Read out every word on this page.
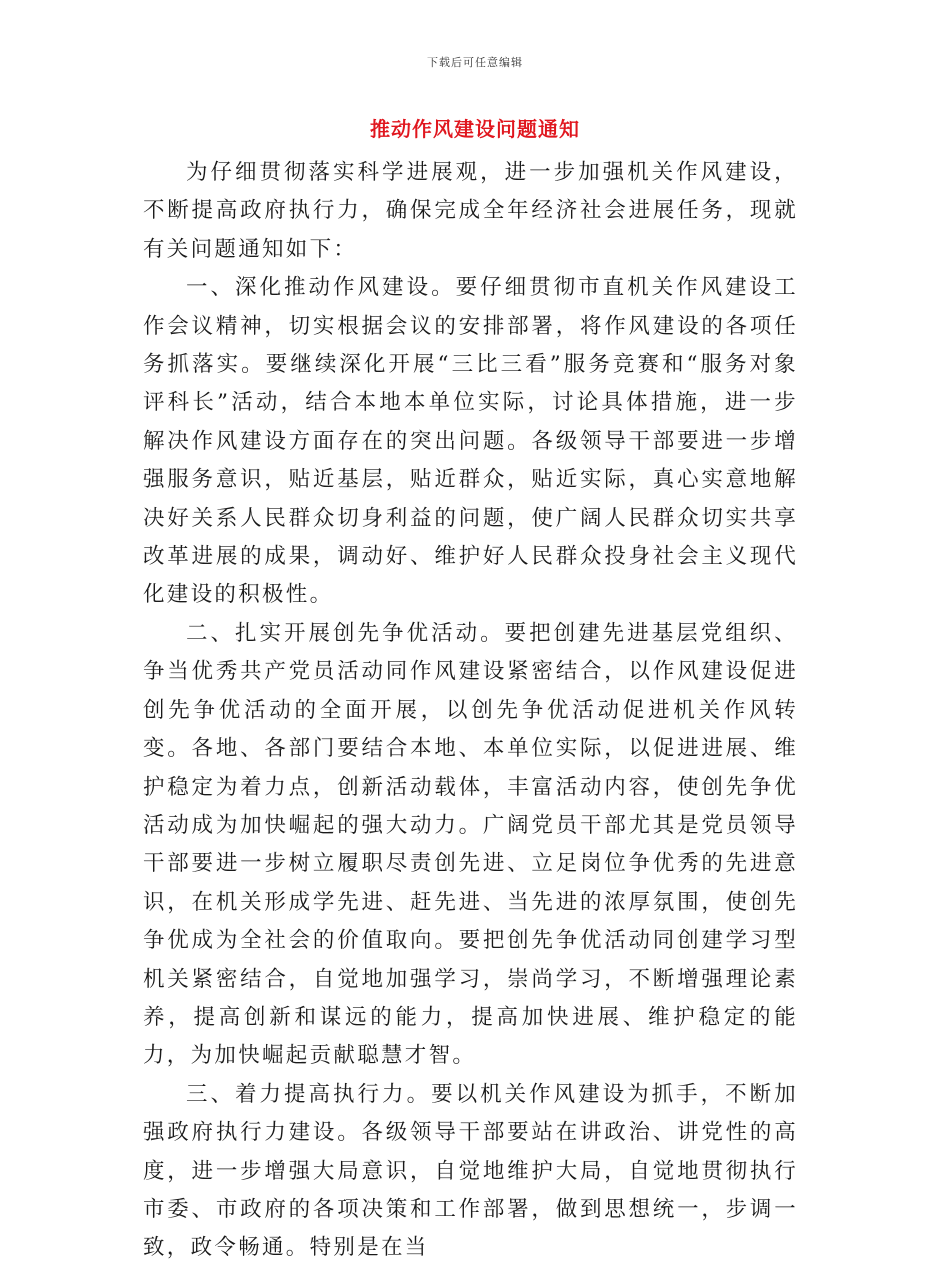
下载后可任意编辑
推动作风建设问题通知

为仔细贯彻落实科学进展观，进一步加强机关作风建设，不断提高政府执行力，确保完成全年经济社会进展任务，现就有关问题通知如下：

一、深化推动作风建设。要仔细贯彻市直机关作风建设工作会议精神，切实根据会议的安排部署，将作风建设的各项任务抓落实。要继续深化开展“三比三看”服务竞赛和“服务对象评科长”活动，结合本地本单位实际，讨论具体措施，进一步解决作风建设方面存在的突出问题。各级领导干部要进一步增强服务意识，贴近基层，贴近群众，贴近实际，真心实意地解决好关系人民群众切身利益的问题，使广阔人民群众切实共享改革进展的成果，调动好、维护好人民群众投身社会主义现代化建设的积极性。

二、扎实开展创先争优活动。要把创建先进基层党组织、争当优秀共产党员活动同作风建设紧密结合，以作风建设促进创先争优活动的全面开展，以创先争优活动促进机关作风转变。各地、各部门要结合本地、本单位实际，以促进进展、维护稳定为着力点，创新活动载体，丰富活动内容，使创先争优活动成为加快崛起的强大动力。广阔党员干部尤其是党员领导干部要进一步树立履职尽责创先进、立足岗位争优秀的先进意识，在机关形成学先进、赶先进、当先进的浓厚氛围，使创先争优成为全社会的价值取向。要把创先争优活动同创建学习型机关紧密结合，自觉地加强学习，崇尚学习，不断增强理论素养，提高创新和谋远的能力，提高加快进展、维护稳定的能力，为加快崛起贡献聪慧才智。

三、着力提高执行力。要以机关作风建设为抓手，不断加强政府执行力建设。各级领导干部要站在讲政治、讲党性的高度，进一步增强大局意识，自觉地维护大局，自觉地贯彻执行市委、市政府的各项决策和工作部署，做到思想统一，步调一致，政令畅通。特别是在当
